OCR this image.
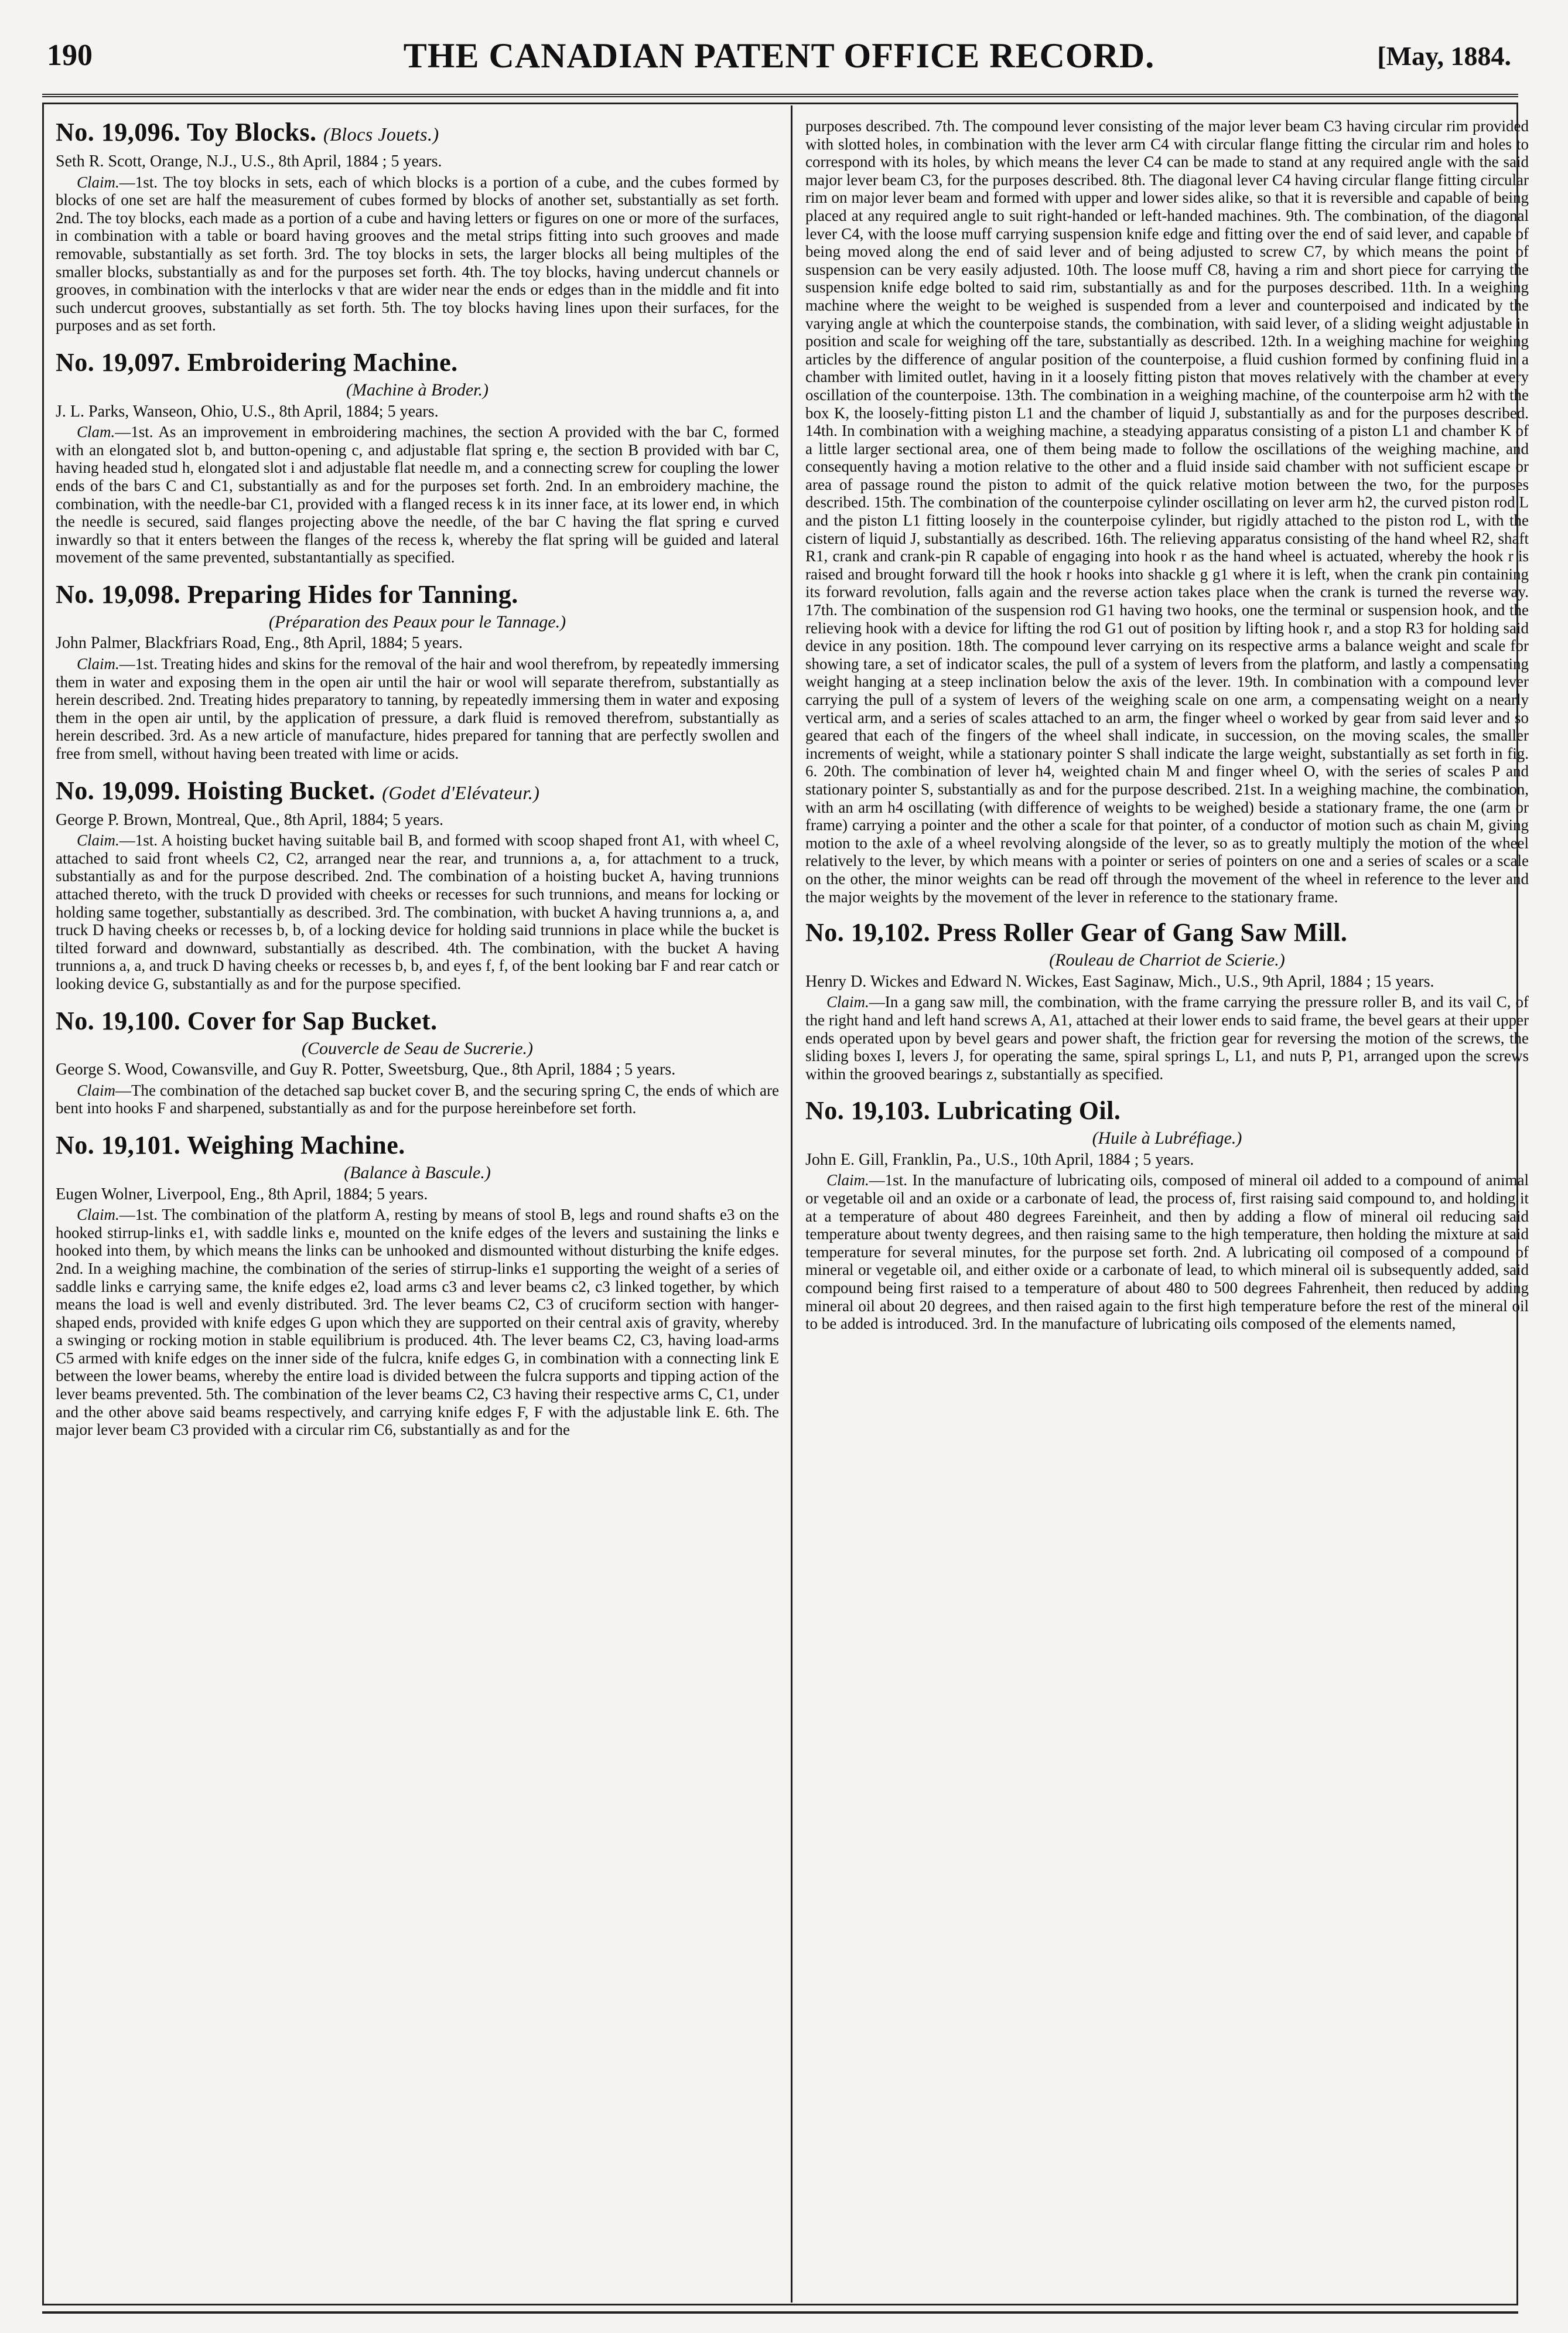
190	THE CANADIAN PATENT OFFICE RECORD.	[May, 1884.
No. 19,096. Toy Blocks. (Blocs Jouets.)

Seth R. Scott, Orange, N.J., U.S., 8th April, 1884 ; 5 years.

Claim.—1st. The toy blocks in sets, each of which blocks is a portion of a cube, and the cubes formed by blocks of one set are half the measurement of cubes formed by blocks of another set, substantially as set forth. 2nd. The toy blocks, each made as a portion of a cube and having letters or figures on one or more of the surfaces, in combination with a table or board having grooves and the metal strips fitting into such grooves and made removable, substantially as set forth. 3rd. The toy blocks in sets, the larger blocks all being multiples of the smaller blocks, substantially as and for the purposes set forth. 4th. The toy blocks, having undercut channels or grooves, in combination with the interlocks v that are wider near the ends or edges than in the middle and fit into such undercut grooves, substantially as set forth. 5th. The toy blocks having lines upon their surfaces, for the purposes and as set forth.

No. 19,097. Embroidering Machine.

(Machine à Broder.)

J. L. Parks, Wanseon, Ohio, U.S., 8th April, 1884; 5 years.

Clam.—1st. As an improvement in embroidering machines, the section A provided with the bar C, formed with an elongated slot b, and button-opening c, and adjustable flat spring e, the section B provided with bar C, having headed stud h, elongated slot i and adjustable flat needle m, and a connecting screw for coupling the lower ends of the bars C and C1, substantially as and for the purposes set forth. 2nd. In an embroidery machine, the combination, with the needle-bar C1, provided with a flanged recess k in its inner face, at its lower end, in which the needle is secured, said flanges projecting above the needle, of the bar C having the flat spring e curved inwardly so that it enters between the flanges of the recess k, whereby the flat spring will be guided and lateral movement of the same prevented, substantantially as specified.

No. 19,098. Preparing Hides for Tanning.

(Préparation des Peaux pour le Tannage.)

John Palmer, Blackfriars Road, Eng., 8th April, 1884; 5 years.

Claim.—1st. Treating hides and skins for the removal of the hair and wool therefrom, by repeatedly immersing them in water and exposing them in the open air until the hair or wool will separate therefrom, substantially as herein described. 2nd. Treating hides preparatory to tanning, by repeatedly immersing them in water and exposing them in the open air until, by the application of pressure, a dark fluid is removed therefrom, substantially as herein described. 3rd. As a new article of manufacture, hides prepared for tanning that are perfectly swollen and free from smell, without having been treated with lime or acids.

No. 19,099. Hoisting Bucket. (Godet d'Elévateur.)

George P. Brown, Montreal, Que., 8th April, 1884; 5 years.

Claim.—1st. A hoisting bucket having suitable bail B, and formed with scoop shaped front A1, with wheel C, attached to said front wheels C2, C2, arranged near the rear, and trunnions a, a, for attachment to a truck, substantially as and for the purpose described. 2nd. The combination of a hoisting bucket A, having trunnions attached thereto, with the truck D provided with cheeks or recesses for such trunnions, and means for locking or holding same together, substantially as described. 3rd. The combination, with bucket A having trunnions a, a, and truck D having cheeks or recesses b, b, of a locking device for holding said trunnions in place while the bucket is tilted forward and downward, substantially as described. 4th. The combination, with the bucket A having trunnions a, a, and truck D having cheeks or recesses b, b, and eyes f, f, of the bent looking bar F and rear catch or looking device G, substantially as and for the purpose specified.

No. 19,100. Cover for Sap Bucket.

(Couvercle de Seau de Sucrerie.)

George S. Wood, Cowansville, and Guy R. Potter, Sweetsburg, Que., 8th April, 1884 ; 5 years.

Claim—The combination of the detached sap bucket cover B, and the securing spring C, the ends of which are bent into hooks F and sharpened, substantially as and for the purpose hereinbefore set forth.

No. 19,101. Weighing Machine.

(Balance à Bascule.)

Eugen Wolner, Liverpool, Eng., 8th April, 1884; 5 years.

Claim.—1st. The combination of the platform A, resting by means of stool B, legs and round shafts e3 on the hooked stirrup-links e1, with saddle links e, mounted on the knife edges of the levers and sustaining the links e hooked into them, by which means the links can be unhooked and dismounted without disturbing the knife edges. 2nd. In a weighing machine, the combination of the series of stirrup-links e1 supporting the weight of a series of saddle links e carrying same, the knife edges e2, load arms c3 and lever beams c2, c3 linked together, by which means the load is well and evenly distributed. 3rd. The lever beams C2, C3 of cruciform section with hanger-shaped ends, provided with knife edges G upon which they are supported on their central axis of gravity, whereby a swinging or rocking motion in stable equilibrium is produced. 4th. The lever beams C2, C3, having load-arms C5 armed with knife edges on the inner side of the fulcra, knife edges G, in combination with a connecting link E between the lower beams, whereby the entire load is divided between the fulcra supports and tipping action of the lever beams prevented. 5th. The combination of the lever beams C2, C3 having their respective arms C, C1, under and the other above said beams respectively, and carrying knife edges F, F with the adjustable link E. 6th. The major lever beam C3 provided with a circular rim C6, substantially as and for the

purposes described. 7th. The compound lever consisting of the major lever beam C3 having circular rim provided with slotted holes, in combination with the lever arm C4 with circular flange fitting the circular rim and holes to correspond with its holes, by which means the lever C4 can be made to stand at any required angle with the said major lever beam C3, for the purposes described. 8th. The diagonal lever C4 having circular flange fitting circular rim on major lever beam and formed with upper and lower sides alike, so that it is reversible and capable of being placed at any required angle to suit right-handed or left-handed machines. 9th. The combination, of the diagonal lever C4, with the loose muff carrying suspension knife edge and fitting over the end of said lever, and capable of being moved along the end of said lever and of being adjusted to screw C7, by which means the point of suspension can be very easily adjusted. 10th. The loose muff C8, having a rim and short piece for carrying the suspension knife edge bolted to said rim, substantially as and for the purposes described. 11th. In a weighing machine where the weight to be weighed is suspended from a lever and counterpoised and indicated by the varying angle at which the counterpoise stands, the combination, with said lever, of a sliding weight adjustable in position and scale for weighing off the tare, substantially as described. 12th. In a weighing machine for weighing articles by the difference of angular position of the counterpoise, a fluid cushion formed by confining fluid in a chamber with limited outlet, having in it a loosely fitting piston that moves relatively with the chamber at every oscillation of the counterpoise. 13th. The combination in a weighing machine, of the counterpoise arm h2 with the box K, the loosely-fitting piston L1 and the chamber of liquid J, substantially as and for the purposes described. 14th. In combination with a weighing machine, a steadying apparatus consisting of a piston L1 and chamber K of a little larger sectional area, one of them being made to follow the oscillations of the weighing machine, and consequently having a motion relative to the other and a fluid inside said chamber with not sufficient escape or area of passage round the piston to admit of the quick relative motion between the two, for the purposes described. 15th. The combination of the counterpoise cylinder oscillating on lever arm h2, the curved piston rod L and the piston L1 fitting loosely in the counterpoise cylinder, but rigidly attached to the piston rod L, with the cistern of liquid J, substantially as described. 16th. The relieving apparatus consisting of the hand wheel R2, shaft R1, crank and crank-pin R capable of engaging into hook r as the hand wheel is actuated, whereby the hook r is raised and brought forward till the hook r hooks into shackle g g1 where it is left, when the crank pin containing its forward revolution, falls again and the reverse action takes place when the crank is turned the reverse way. 17th. The combination of the suspension rod G1 having two hooks, one the terminal or suspension hook, and the relieving hook with a device for lifting the rod G1 out of position by lifting hook r, and a stop R3 for holding said device in any position. 18th. The compound lever carrying on its respective arms a balance weight and scale for showing tare, a set of indicator scales, the pull of a system of levers from the platform, and lastly a compensating weight hanging at a steep inclination below the axis of the lever. 19th. In combination with a compound lever carrying the pull of a system of levers of the weighing scale on one arm, a compensating weight on a nearly vertical arm, and a series of scales attached to an arm, the finger wheel o worked by gear from said lever and so geared that each of the fingers of the wheel shall indicate, in succession, on the moving scales, the smaller increments of weight, while a stationary pointer S shall indicate the large weight, substantially as set forth in fig. 6. 20th. The combination of lever h4, weighted chain M and finger wheel O, with the series of scales P and stationary pointer S, substantially as and for the purpose described. 21st. In a weighing machine, the combination, with an arm h4 oscillating (with difference of weights to be weighed) beside a stationary frame, the one (arm or frame) carrying a pointer and the other a scale for that pointer, of a conductor of motion such as chain M, giving motion to the axle of a wheel revolving alongside of the lever, so as to greatly multiply the motion of the wheel relatively to the lever, by which means with a pointer or series of pointers on one and a series of scales or a scale on the other, the minor weights can be read off through the movement of the wheel in reference to the lever and the major weights by the movement of the lever in reference to the stationary frame.

No. 19,102. Press Roller Gear of Gang Saw Mill.

(Rouleau de Charriot de Scierie.)

Henry D. Wickes and Edward N. Wickes, East Saginaw, Mich., U.S., 9th April, 1884 ; 15 years.

Claim.—In a gang saw mill, the combination, with the frame carrying the pressure roller B, and its vail C, of the right hand and left hand screws A, A1, attached at their lower ends to said frame, the bevel gears at their upper ends operated upon by bevel gears and power shaft, the friction gear for reversing the motion of the screws, the sliding boxes I, levers J, for operating the same, spiral springs L, L1, and nuts P, P1, arranged upon the screws within the grooved bearings z, substantially as specified.

No. 19,103. Lubricating Oil.

(Huile à Lubréfiage.)

John E. Gill, Franklin, Pa., U.S., 10th April, 1884 ; 5 years.

Claim.—1st. In the manufacture of lubricating oils, composed of mineral oil added to a compound of animal or vegetable oil and an oxide or a carbonate of lead, the process of, first raising said compound to, and holding it at a temperature of about 480 degrees Fareinheit, and then by adding a flow of mineral oil reducing said temperature about twenty degrees, and then raising same to the high temperature, then holding the mixture at said temperature for several minutes, for the purpose set forth. 2nd. A lubricating oil composed of a compound of mineral or vegetable oil, and either oxide or a carbonate of lead, to which mineral oil is subsequently added, said compound being first raised to a temperature of about 480 to 500 degrees Fahrenheit, then reduced by adding mineral oil about 20 degrees, and then raised again to the first high temperature before the rest of the mineral oil to be added is introduced. 3rd. In the manufacture of lubricating oils composed of the elements named,
